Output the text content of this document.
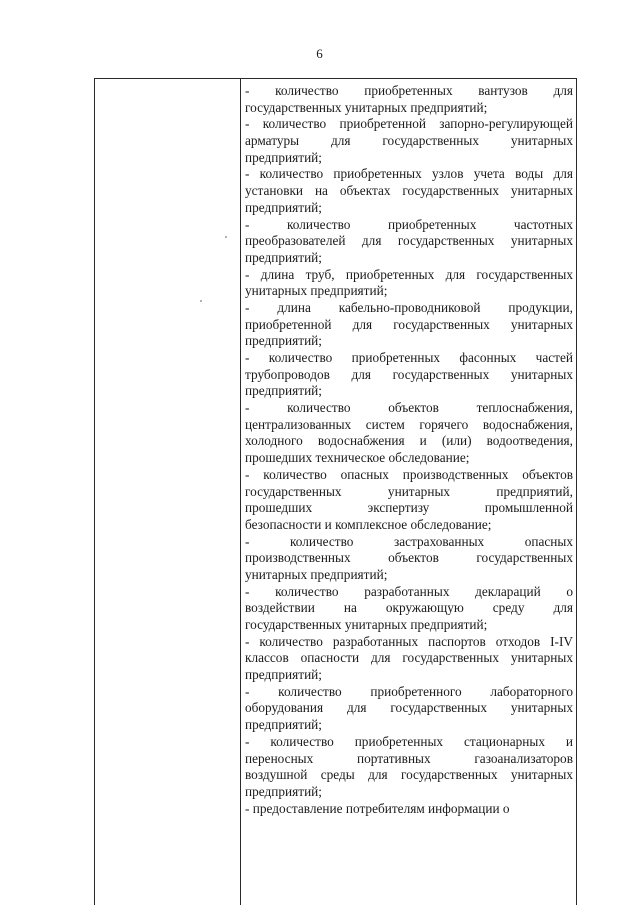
6
- количество приобретенных вантузов для
государственных унитарных предприятий;
- количество приобретенной запорно-регулирующей
арматуры для государственных унитарных
предприятий;
- количество приобретенных узлов учета воды для
установки на объектах государственных унитарных
предприятий;
- количество приобретенных частотных
преобразователей для государственных унитарных
предприятий;
- длина труб, приобретенных для государственных
унитарных предприятий;
- длина кабельно-проводниковой продукции,
приобретенной для государственных унитарных
предприятий;
- количество приобретенных фасонных частей
трубопроводов для государственных унитарных
предприятий;
- количество объектов теплоснабжения,
централизованных систем горячего водоснабжения,
холодного водоснабжения и (или) водоотведения,
прошедших техническое обследование;
- количество опасных производственных объектов
государственных унитарных предприятий,
прошедших экспертизу промышленной
безопасности и комплексное обследование;
- количество застрахованных опасных
производственных объектов государственных
унитарных предприятий;
- количество разработанных деклараций о
воздействии на окружающую среду для
государственных унитарных предприятий;
- количество разработанных паспортов отходов I-IV
классов опасности для государственных унитарных
предприятий;
- количество приобретенного лабораторного
оборудования для государственных унитарных
предприятий;
- количество приобретенных стационарных и
переносных портативных газоанализаторов
воздушной среды для государственных унитарных
предприятий;
- предоставление потребителям информации о
